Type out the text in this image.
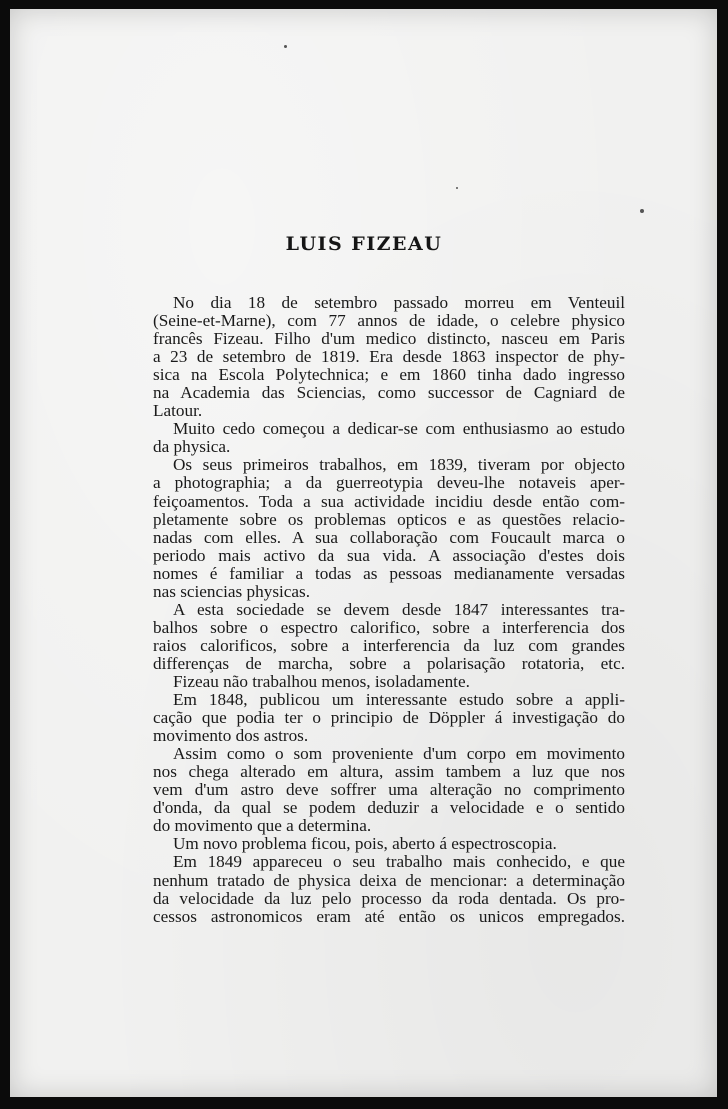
LUIS FIZEAU
No dia 18 de setembro passado morreu em Venteuil
(Seine-et-Marne), com 77 annos de idade, o celebre physico
francês Fizeau. Filho d'um medico distincto, nasceu em Paris
a 23 de setembro de 1819. Era desde 1863 inspector de phy-
sica na Escola Polytechnica; e em 1860 tinha dado ingresso
na Academia das Sciencias, como successor de Cagniard de
Latour.
Muito cedo começou a dedicar-se com enthusiasmo ao estudo
da physica.
Os seus primeiros trabalhos, em 1839, tiveram por objecto
a photographia; a da guerreotypia deveu-lhe notaveis aper-
feiçoamentos. Toda a sua actividade incidiu desde então com-
pletamente sobre os problemas opticos e as questões relacio-
nadas com elles. A sua collaboração com Foucault marca o
periodo mais activo da sua vida. A associação d'estes dois
nomes é familiar a todas as pessoas medianamente versadas
nas sciencias physicas.
A esta sociedade se devem desde 1847 interessantes tra-
balhos sobre o espectro calorifico, sobre a interferencia dos
raios calorificos, sobre a interferencia da luz com grandes
differenças de marcha, sobre a polarisação rotatoria, etc.
Fizeau não trabalhou menos, isoladamente.
Em 1848, publicou um interessante estudo sobre a appli-
cação que podia ter o principio de Döppler á investigação do
movimento dos astros.
Assim como o som proveniente d'um corpo em movimento
nos chega alterado em altura, assim tambem a luz que nos
vem d'um astro deve soffrer uma alteração no comprimento
d'onda, da qual se podem deduzir a velocidade e o sentido
do movimento que a determina.
Um novo problema ficou, pois, aberto á espectroscopia.
Em 1849 appareceu o seu trabalho mais conhecido, e que
nenhum tratado de physica deixa de mencionar: a determinação
da velocidade da luz pelo processo da roda dentada. Os pro-
cessos astronomicos eram até então os unicos empregados.
